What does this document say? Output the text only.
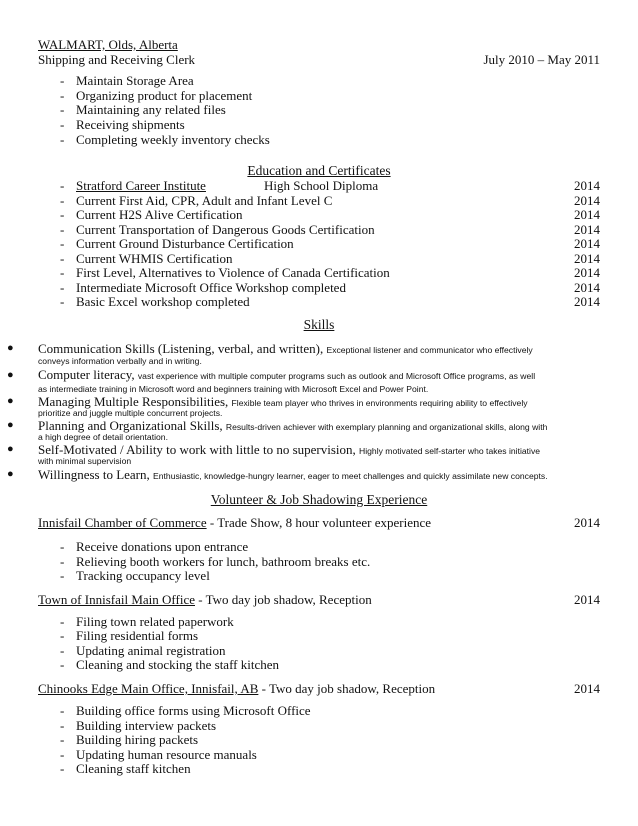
WALMART, Olds, Alberta
Shipping and Receiving Clerk	July 2010 – May 2011
- Maintain Storage Area
- Organizing product for placement
- Maintaining any related files
- Receiving shipments
- Completing weekly inventory checks
Education and Certificates
- Stratford Career Institute	High School Diploma	2014
- Current First Aid, CPR, Adult and Infant Level C	2014
- Current H2S Alive Certification	2014
- Current Transportation of Dangerous Goods Certification	2014
- Current Ground Disturbance Certification	2014
- Current WHMIS Certification	2014
- First Level, Alternatives to Violence of Canada Certification	2014
- Intermediate Microsoft Office Workshop completed	2014
- Basic Excel workshop completed	2014
Skills
● Communication Skills (Listening, verbal, and written), Exceptional listener and communicator who effectively
conveys information verbally and in writing.
● Computer literacy, vast experience with multiple computer programs such as outlook and Microsoft Office programs, as well
as intermediate training in Microsoft word and beginners training with Microsoft Excel and Power Point.
● Managing Multiple Responsibilities, Flexible team player who thrives in environments requiring ability to effectively
prioritize and juggle multiple concurrent projects.
● Planning and Organizational Skills, Results-driven achiever with exemplary planning and organizational skills, along with
a high degree of detail orientation.
● Self-Motivated / Ability to work with little to no supervision, Highly motivated self-starter who takes initiative
with minimal supervision
● Willingness to Learn, Enthusiastic, knowledge-hungry learner, eager to meet challenges and quickly assimilate new concepts.
Volunteer & Job Shadowing Experience
Innisfail Chamber of Commerce - Trade Show, 8 hour volunteer experience	2014
- Receive donations upon entrance
- Relieving booth workers for lunch, bathroom breaks etc.
- Tracking occupancy level
Town of Innisfail Main Office - Two day job shadow, Reception	2014
- Filing town related paperwork
- Filing residential forms
- Updating animal registration
- Cleaning and stocking the staff kitchen
Chinooks Edge Main Office, Innisfail, AB - Two day job shadow, Reception	2014
- Building office forms using Microsoft Office
- Building interview packets
- Building hiring packets
- Updating human resource manuals
- Cleaning staff kitchen
